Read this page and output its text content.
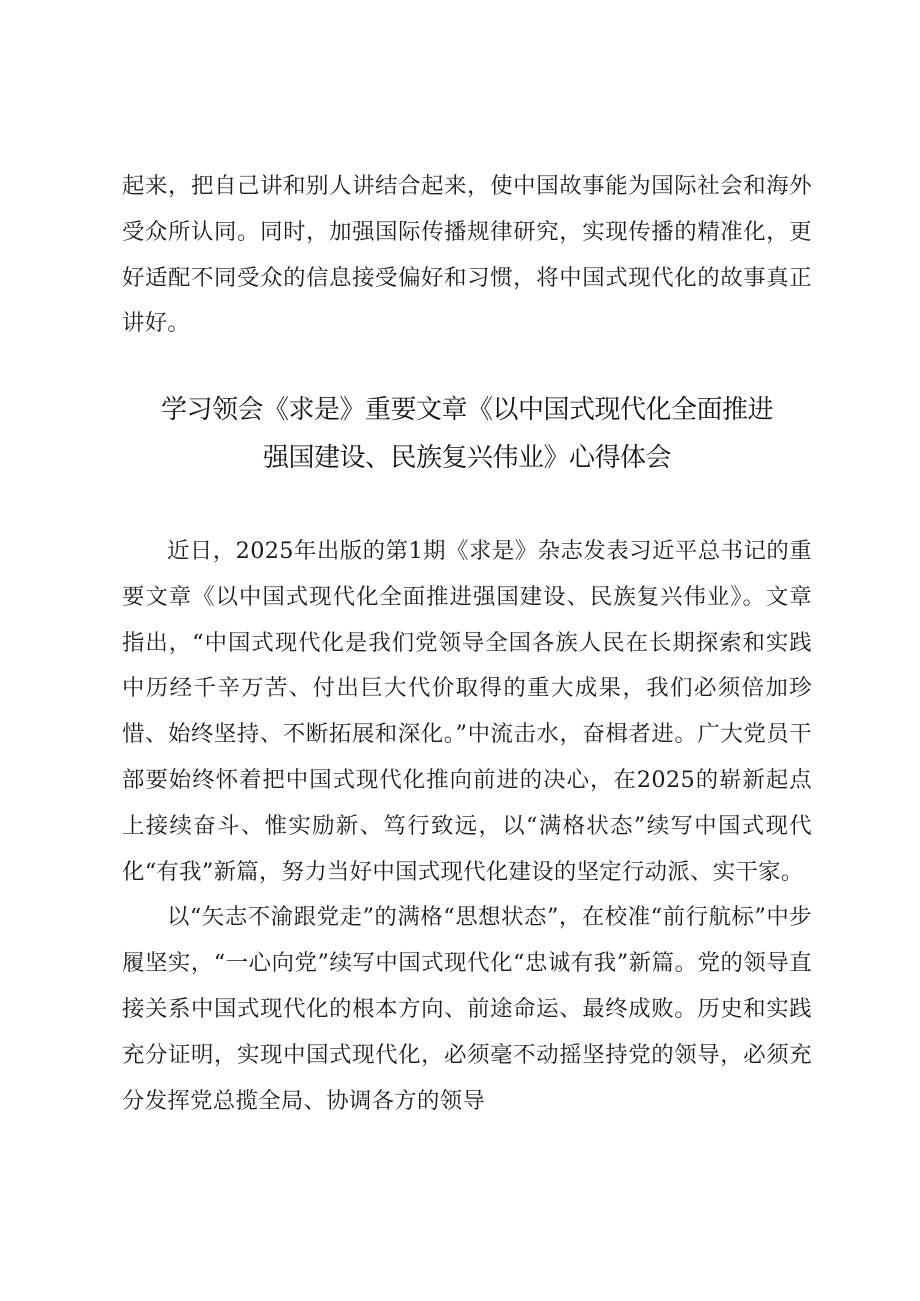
起来，把自己讲和别人讲结合起来，使中国故事能为国际社会和海外受众所认同。同时，加强国际传播规律研究，实现传播的精准化，更好适配不同受众的信息接受偏好和习惯，将中国式现代化的故事真正讲好。

学习领会《求是》重要文章《以中国式现代化全面推进
强国建设、民族复兴伟业》心得体会

近日，2025年出版的第1期《求是》杂志发表习近平总书记的重要文章《以中国式现代化全面推进强国建设、民族复兴伟业》。文章指出，“中国式现代化是我们党领导全国各族人民在长期探索和实践中历经千辛万苦、付出巨大代价取得的重大成果，我们必须倍加珍惜、始终坚持、不断拓展和深化。”中流击水，奋楫者进。广大党员干部要始终怀着把中国式现代化推向前进的决心，在2025的崭新起点上接续奋斗、惟实励新、笃行致远，以“满格状态”续写中国式现代化“有我”新篇，努力当好中国式现代化建设的坚定行动派、实干家。

以“矢志不渝跟党走”的满格“思想状态”，在校准“前行航标”中步履坚实，“一心向党”续写中国式现代化“忠诚有我”新篇。党的领导直接关系中国式现代化的根本方向、前途命运、最终成败。历史和实践充分证明，实现中国式现代化，必须毫不动摇坚持党的领导，必须充分发挥党总揽全局、协调各方的领导
